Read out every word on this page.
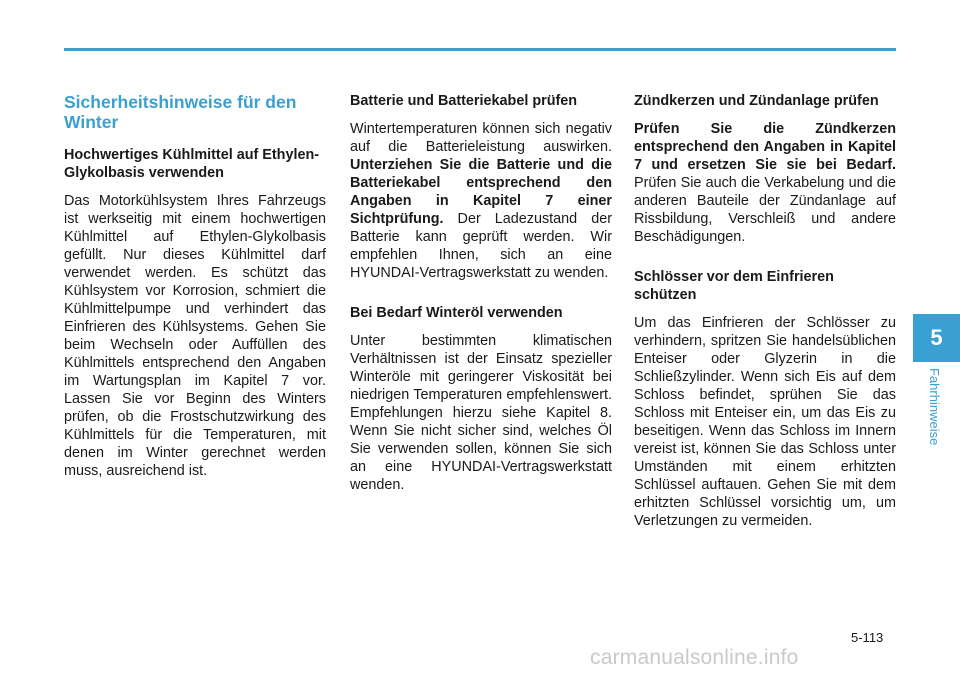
Sicherheitshinweise für den Winter
Hochwertiges Kühlmittel auf Ethylen-Glykolbasis verwenden

Das Motorkühlsystem Ihres Fahrzeugs ist werkseitig mit einem hochwertigen Kühlmittel auf Ethylen-Glykolbasis gefüllt. Nur dieses Kühlmittel darf verwendet werden. Es schützt das Kühlsystem vor Korrosion, schmiert die Kühlmittelpumpe und verhindert das Einfrieren des Kühlsystems. Gehen Sie beim Wechseln oder Auffüllen des Kühlmittels entsprechend den Angaben im Wartungsplan im Kapitel 7 vor. Lassen Sie vor Beginn des Winters prüfen, ob die Frostschutzwirkung des Kühlmittels für die Temperaturen, mit denen im Winter gerechnet werden muss, ausreichend ist.

Batterie und Batteriekabel prüfen

Wintertemperaturen können sich negativ auf die Batterieleistung auswirken. Unterziehen Sie die Batterie und die Batteriekabel entsprechend den Angaben in Kapitel 7 einer Sichtprüfung. Der Ladezustand der Batterie kann geprüft werden. Wir empfehlen Ihnen, sich an eine HYUNDAI-Vertragswerkstatt zu wenden.

Bei Bedarf Winteröl verwenden

Unter bestimmten klimatischen Verhältnissen ist der Einsatz spezieller Winteröle mit geringerer Viskosität bei niedrigen Temperaturen empfehlenswert. Empfehlungen hierzu siehe Kapitel 8. Wenn Sie nicht sicher sind, welches Öl Sie verwenden sollen, können Sie sich an eine HYUNDAI-Vertragswerkstatt wenden.

Zündkerzen und Zündanlage prüfen

Prüfen Sie die Zündkerzen entsprechend den Angaben in Kapitel 7 und ersetzen Sie sie bei Bedarf. Prüfen Sie auch die Verkabelung und die anderen Bauteile der Zündanlage auf Rissbildung, Verschleiß und andere Beschädigungen.

Schlösser vor dem Einfrieren schützen

Um das Einfrieren der Schlösser zu verhindern, spritzen Sie handelsüblichen Enteiser oder Glyzerin in die Schließzylinder. Wenn sich Eis auf dem Schloss befindet, sprühen Sie das Schloss mit Enteiser ein, um das Eis zu beseitigen. Wenn das Schloss im Innern vereist ist, können Sie das Schloss unter Umständen mit einem erhitzten Schlüssel auftauen. Gehen Sie mit dem erhitzten Schlüssel vorsichtig um, um Verletzungen zu vermeiden.

5
Fahrhinweise
5-113
carmanualsonline.info
